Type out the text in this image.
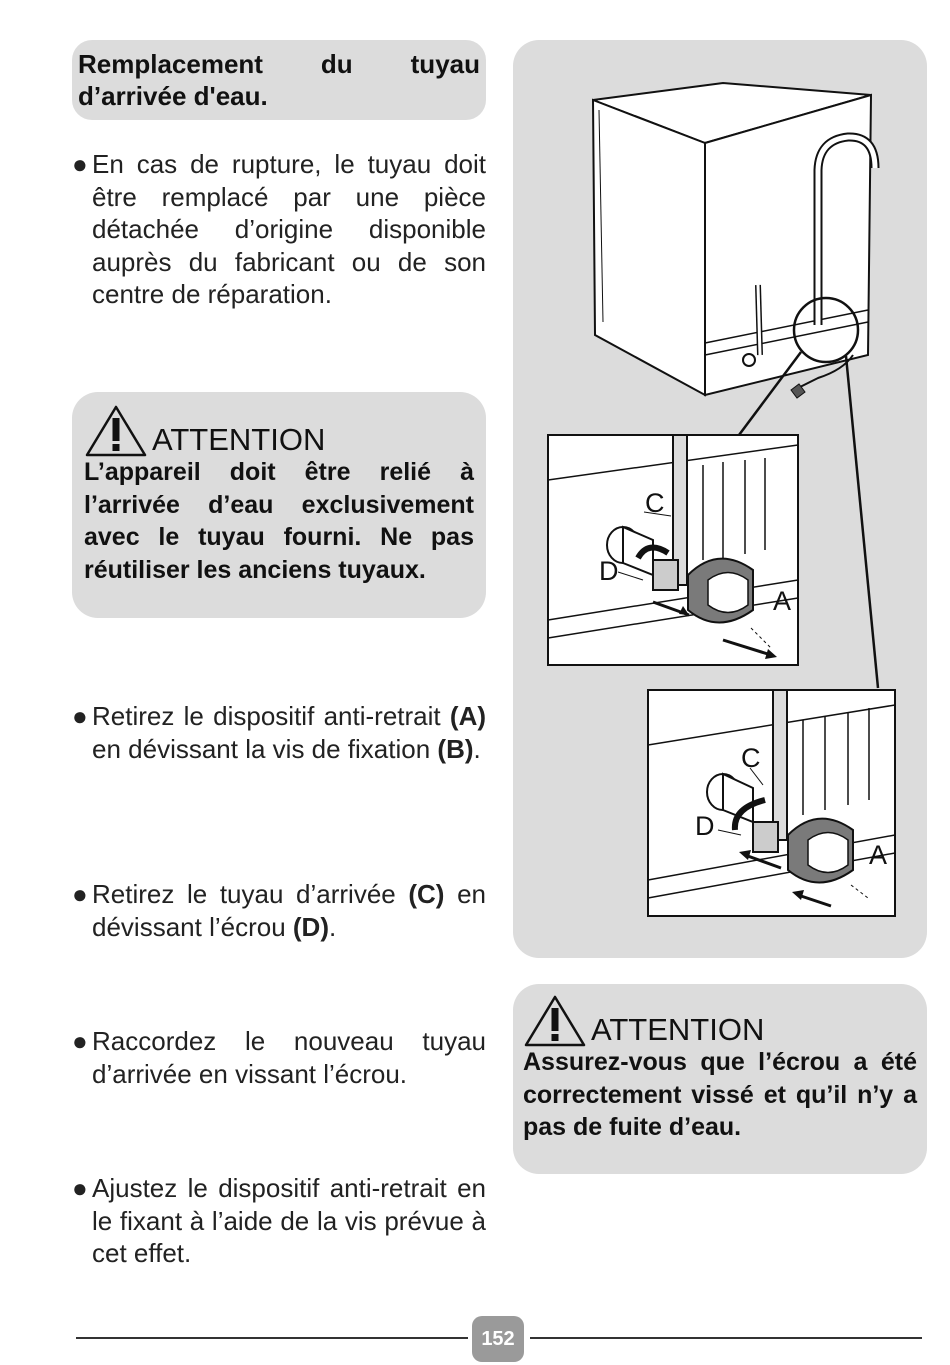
Remplacement du tuyau d’arrivée d'eau.
● En cas de rupture, le tuyau doit être remplacé par une pièce détachée d’origine disponible auprès du fabricant ou de son centre de réparation.
ATTENTION
L’appareil doit être relié à l’arrivée d’eau exclusivement avec le tuyau fourni. Ne pas réutiliser les anciens tuyaux.
● Retirez le dispositif anti-retrait (A) en dévissant la vis de fixation (B).
● Retirez le tuyau d’arrivée (C) en dévissant l’écrou (D).
● Raccordez le nouveau tuyau d’arrivée en vissant l’écrou.
● Ajustez le dispositif anti-retrait en le fixant à l’aide de la vis prévue à cet effet.
C
D
A
C
D
A
ATTENTION
Assurez-vous que l’écrou a été correctement vissé et qu’il n’y a pas de fuite d’eau.
152
